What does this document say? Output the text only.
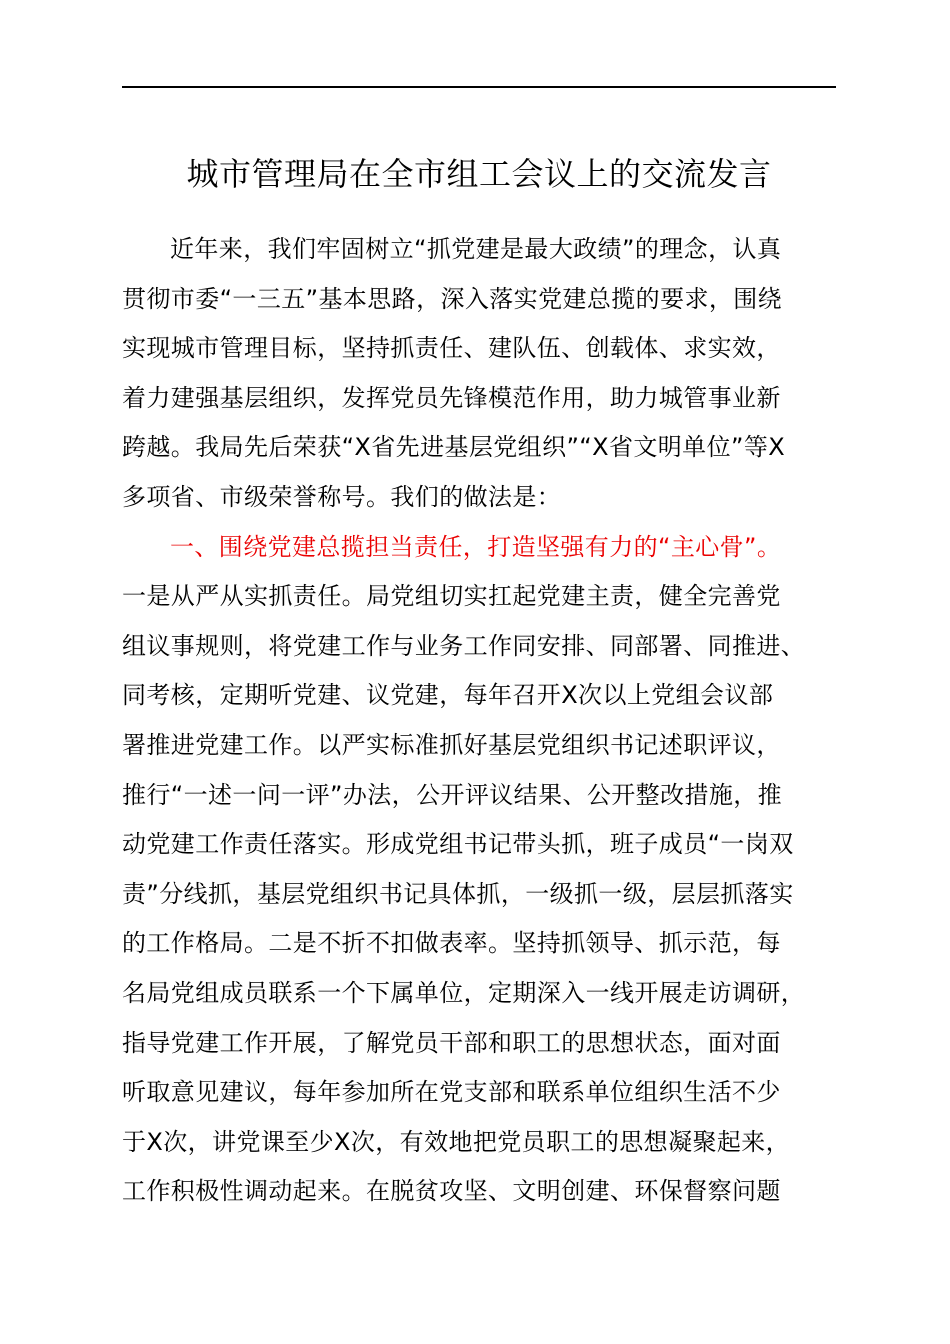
城市管理局在全市组工会议上的交流发言
近年来，我们牢固树立“抓党建是最大政绩”的理念，认真
贯彻市委“一三五”基本思路，深入落实党建总揽的要求，围绕
实现城市管理目标，坚持抓责任、建队伍、创载体、求实效，
着力建强基层组织，发挥党员先锋模范作用，助力城管事业新
跨越。我局先后荣获“X省先进基层党组织”“X省文明单位”等X
多项省、市级荣誉称号。我们的做法是：
一、围绕党建总揽担当责任，打造坚强有力的“主心骨”。
一是从严从实抓责任。局党组切实扛起党建主责，健全完善党
组议事规则，将党建工作与业务工作同安排、同部署、同推进、
同考核，定期听党建、议党建，每年召开X次以上党组会议部
署推进党建工作。以严实标准抓好基层党组织书记述职评议，
推行“一述一问一评”办法，公开评议结果、公开整改措施，推
动党建工作责任落实。形成党组书记带头抓，班子成员“一岗双
责”分线抓，基层党组织书记具体抓，一级抓一级，层层抓落实
的工作格局。二是不折不扣做表率。坚持抓领导、抓示范，每
名局党组成员联系一个下属单位，定期深入一线开展走访调研，
指导党建工作开展，了解党员干部和职工的思想状态，面对面
听取意见建议，每年参加所在党支部和联系单位组织生活不少
于X次，讲党课至少X次，有效地把党员职工的思想凝聚起来，
工作积极性调动起来。在脱贫攻坚、文明创建、环保督察问题
